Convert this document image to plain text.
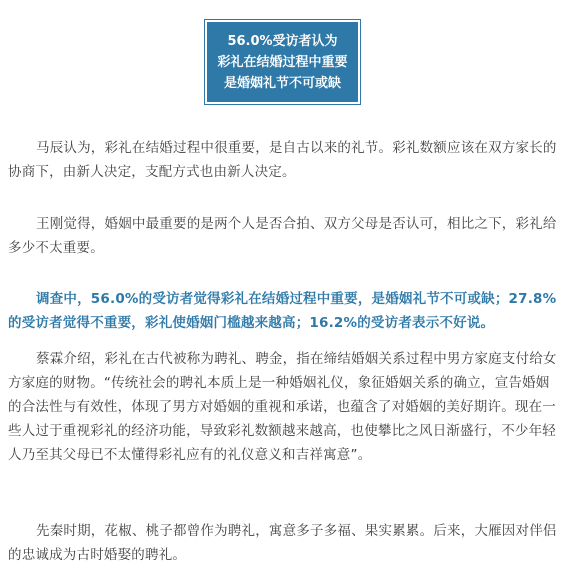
56.0%受访者认为
彩礼在结婚过程中重要
是婚姻礼节不可或缺

马辰认为，彩礼在结婚过程中很重要，是自古以来的礼节。彩礼数额应该在双方家长的协商下，由新人决定，支配方式也由新人决定。

王刚觉得，婚姻中最重要的是两个人是否合拍、双方父母是否认可，相比之下，彩礼给多少不太重要。

调查中，56.0%的受访者觉得彩礼在结婚过程中重要，是婚姻礼节不可或缺；27.8%的受访者觉得不重要，彩礼使婚姻门槛越来越高；16.2%的受访者表示不好说。

蔡霖介绍，彩礼在古代被称为聘礼、聘金，指在缔结婚姻关系过程中男方家庭支付给女方家庭的财物。“传统社会的聘礼本质上是一种婚姻礼仪，象征婚姻关系的确立，宣告婚姻的合法性与有效性，体现了男方对婚姻的重视和承诺，也蕴含了对婚姻的美好期许。现在一些人过于重视彩礼的经济功能，导致彩礼数额越来越高，也使攀比之风日渐盛行，不少年轻人乃至其父母已不太懂得彩礼应有的礼仪意义和吉祥寓意”。

先秦时期，花椒、桃子都曾作为聘礼，寓意多子多福、果实累累。后来，大雁因对伴侣的忠诚成为古时婚娶的聘礼。
